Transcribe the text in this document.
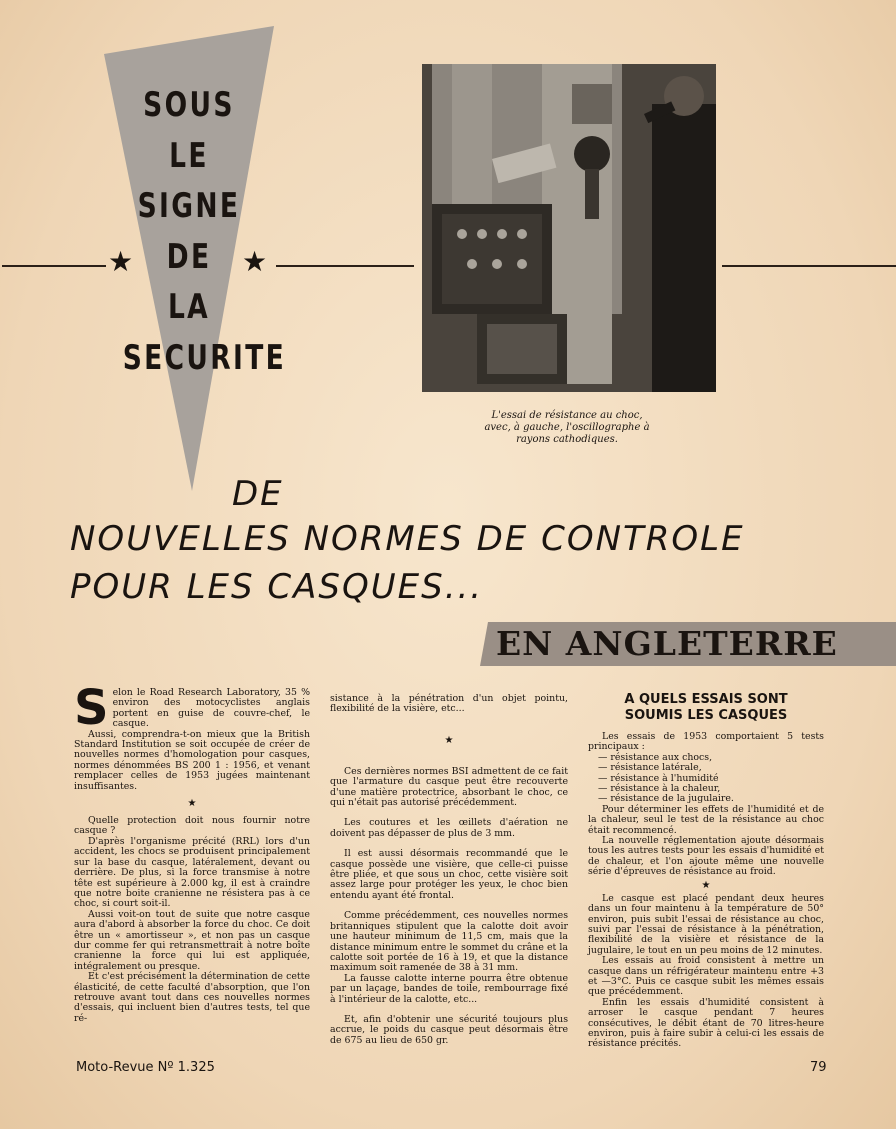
SOUS
LE
SIGNE
DE
LA
SECURITE
★	★
L'essai de résistance au choc,
avec, à gauche, l'oscillographe à
rayons cathodiques.
DE
NOUVELLES NORMES DE CONTROLE
POUR LES CASQUES...
EN ANGLETERRE
S elon le Road Research Laboratory, 35 % environ des motocyclistes anglais portent en guise de couvre-chef, le casque.

Aussi, comprendra-t-on mieux que la British Standard Institution se soit occupée de créer de nouvelles normes d'homologation pour casques, normes dénommées BS 200 1 : 1956, et venant remplacer celles de 1953 jugées maintenant insuffisantes.

★

Quelle protection doit nous fournir notre casque ?

D'après l'organisme précité (RRL) lors d'un accident, les chocs se produisent principalement sur la base du casque, latéralement, devant ou derrière. De plus, si la force transmise à notre tête est supérieure à 2.000 kg, il est à craindre que notre boite cranienne ne résistera pas à ce choc, si court soit-il.

Aussi voit-on tout de suite que notre casque aura d'abord à absorber la force du choc. Ce doit être un « amortisseur », et non pas un casque dur comme fer qui retransmettrait à notre boîte cranienne la force qui lui est appliquée, intégralement ou presque.

Et c'est précisément la détermination de cette élasticité, de cette faculté d'absorption, que l'on retrouve avant tout dans ces nouvelles normes d'essais, qui incluent bien d'autres tests, tel que ré-

sistance à la pénétration d'un objet pointu, flexibilité de la visière, etc...

★

Ces dernières normes BSI admettent de ce fait que l'armature du casque peut être recouverte d'une matière protectrice, absorbant le choc, ce qui n'était pas autorisé précédemment.

Les coutures et les œillets d'aération ne doivent pas dépasser de plus de 3 mm.

Il est aussi désormais recommandé que le casque possède une visière, que celle-ci puisse être pliée, et que sous un choc, cette visière soit assez large pour protéger les yeux, le choc bien entendu ayant été frontal.

Comme précédemment, ces nouvelles normes britanniques stipulent que la calotte doit avoir une hauteur minimum de 11,5 cm, mais que la distance minimum entre le sommet du crâne et la calotte soit portée de 16 à 19, et que la distance maximum soit ramenée de 38 à 31 mm.

La fausse calotte interne pourra être obtenue par un laçage, bandes de toile, rembourrage fixé à l'intérieur de la calotte, etc...

Et, afin d'obtenir une sécurité toujours plus accrue, le poids du casque peut désormais être de 675 au lieu de 650 gr.

A QUELS ESSAIS SONT
SOUMIS LES CASQUES

Les essais de 1953 comportaient 5 tests principaux :

— résistance aux chocs,

— résistance latérale,

— résistance à l'humidité

— résistance à la chaleur,

— résistance de la jugulaire.

Pour déterminer les effets de l'humidité et de la chaleur, seul le test de la résistance au choc était recommencé.

La nouvelle réglementation ajoute désormais tous les autres tests pour les essais d'humidité et de chaleur, et l'on ajoute même une nouvelle série d'épreuves de résistance au froid.

★

Le casque est placé pendant deux heures dans un four maintenu à la température de 50° environ, puis subit l'essai de résistance au choc, suivi par l'essai de résistance à la pénétration, flexibilité de la visière et résistance de la jugulaire, le tout en un peu moins de 12 minutes.

Les essais au froid consistent à mettre un casque dans un réfrigérateur maintenu entre +3 et —3°C. Puis ce casque subit les mêmes essais que précédemment.

Enfin les essais d'humidité consistent à arroser le casque pendant 7 heures consécutives, le débit étant de 70 litres-heure environ, puis à faire subir à celui-ci les essais de résistance précités.

Moto-Revue Nº 1.325	79
